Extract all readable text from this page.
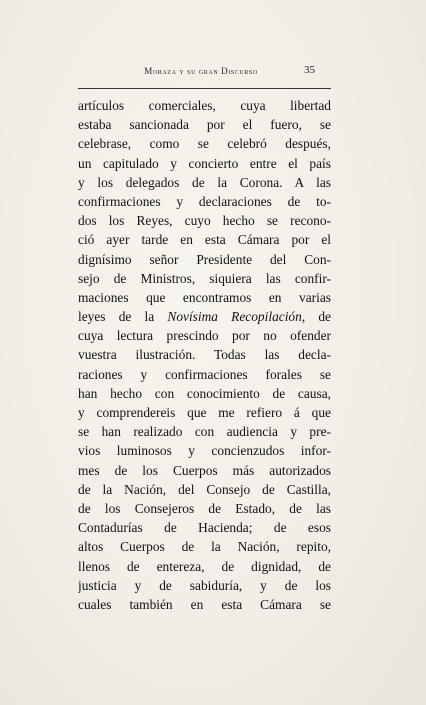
Moraza y su gran Discurso	35
artículos comerciales, cuya libertad
estaba sancionada por el fuero, se
celebrase, como se celebró después,
un capitulado y concierto entre el país
y los delegados de la Corona. A las
confirmaciones y declaraciones de to-
dos los Reyes, cuyo hecho se recono-
ció ayer tarde en esta Cámara por el
dignísimo señor Presidente del Con-
sejo de Ministros, siquiera las confir-
maciones que encontramos en varias
leyes de la Novísima Recopilación, de
cuya lectura prescindo por no ofender
vuestra ilustración. Todas las decla-
raciones y confirmaciones forales se
han hecho con conocimiento de causa,
y comprendereis que me refiero á que
se han realizado con audiencia y pre-
vios luminosos y concienzudos infor-
mes de los Cuerpos más autorizados
de la Nación, del Consejo de Castilla,
de los Consejeros de Estado, de las
Contadurías de Hacienda; de esos
altos Cuerpos de la Nación, repito,
llenos de entereza, de dignidad, de
justicia y de sabiduría, y de los
cuales también en esta Cámara se
